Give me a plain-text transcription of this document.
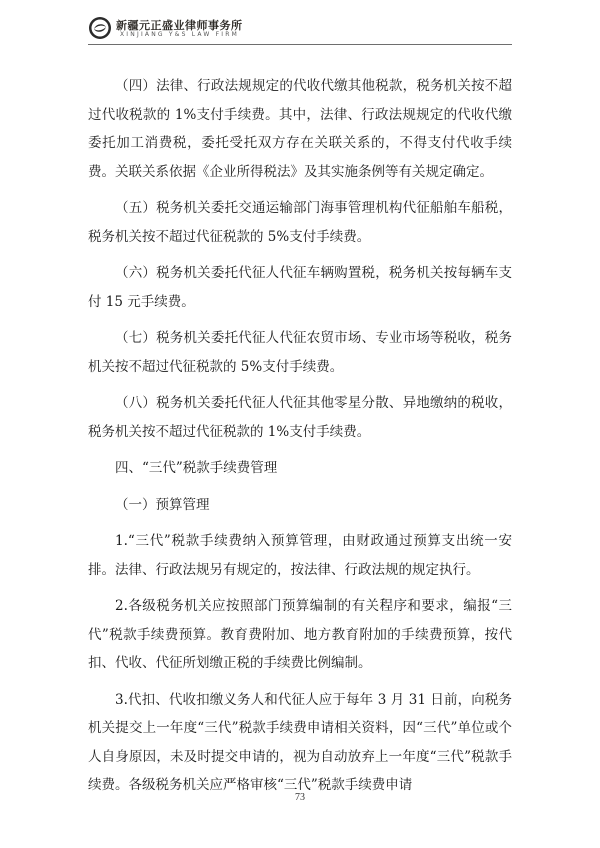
新疆元正盛业律师事务所
XINJIANG Y&S LAW FIRM

（四）法律、行政法规规定的代收代缴其他税款，税务机关按不超过代收税款的 1%支付手续费。其中，法律、行政法规规定的代收代缴委托加工消费税，委托受托双方存在关联关系的，不得支付代收手续费。关联关系依据《企业所得税法》及其实施条例等有关规定确定。

（五）税务机关委托交通运输部门海事管理机构代征船舶车船税，税务机关按不超过代征税款的 5%支付手续费。

（六）税务机关委托代征人代征车辆购置税，税务机关按每辆车支付 15 元手续费。

（七）税务机关委托代征人代征农贸市场、专业市场等税收，税务机关按不超过代征税款的 5%支付手续费。

（八）税务机关委托代征人代征其他零星分散、异地缴纳的税收，税务机关按不超过代征税款的 1%支付手续费。

四、“三代”税款手续费管理

（一）预算管理

1.“三代”税款手续费纳入预算管理，由财政通过预算支出统一安排。法律、行政法规另有规定的，按法律、行政法规的规定执行。

2.各级税务机关应按照部门预算编制的有关程序和要求，编报“三代”税款手续费预算。教育费附加、地方教育附加的手续费预算，按代扣、代收、代征所划缴正税的手续费比例编制。

3.代扣、代收扣缴义务人和代征人应于每年 3 月 31 日前，向税务机关提交上一年度“三代”税款手续费申请相关资料，因“三代”单位或个人自身原因，未及时提交申请的，视为自动放弃上一年度“三代”税款手续费。各级税务机关应严格审核“三代”税款手续费申请

73
